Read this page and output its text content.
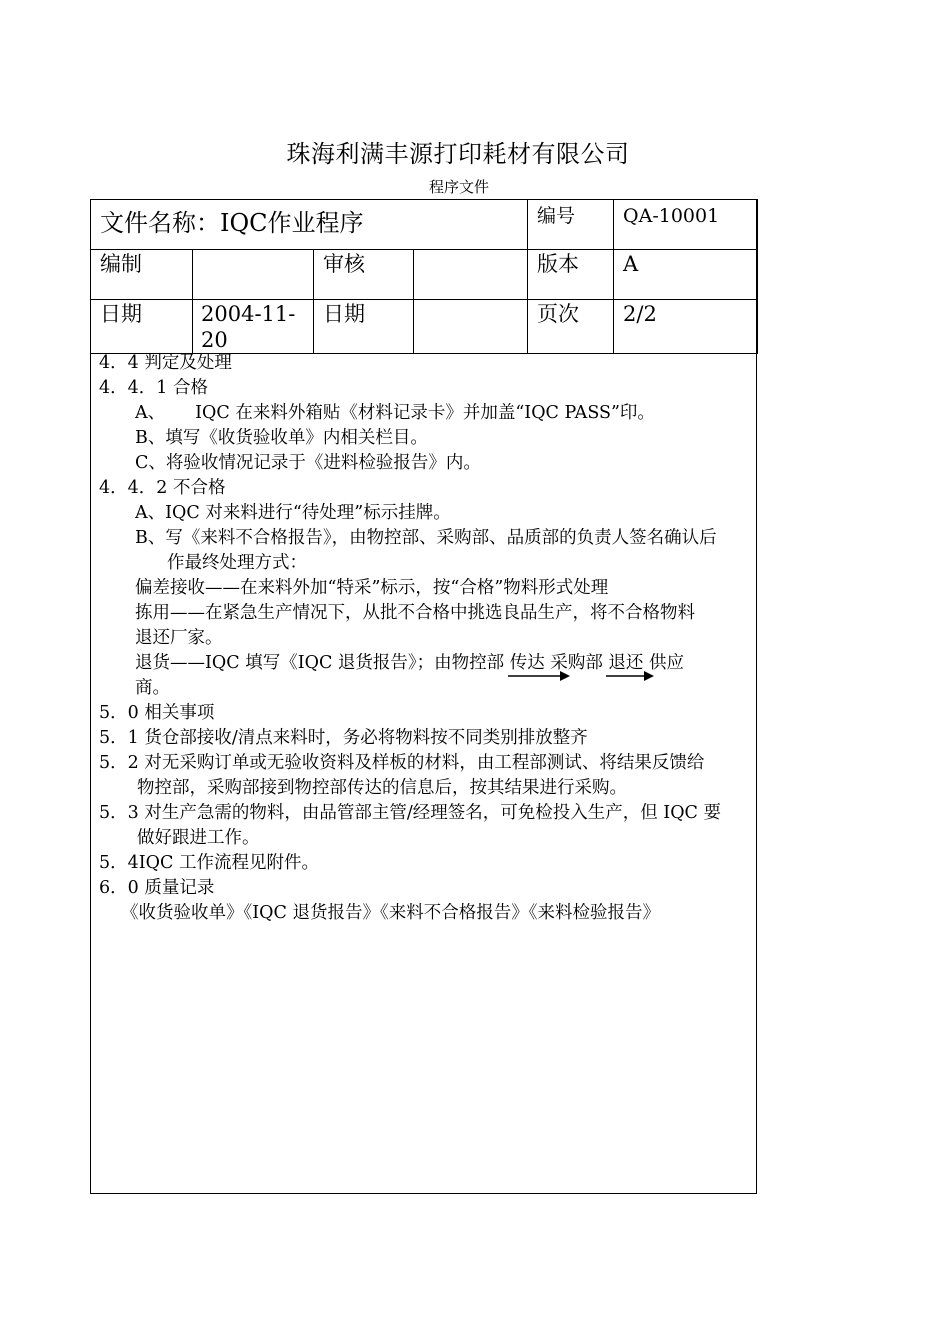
珠海利满丰源打印耗材有限公司
程序文件
文件名称：IQC作业程序				编号	QA-10001
编制		审核		版本	A
日期	2004-11-20	日期		页次	2/2
4．4 判定及处理
4．4．1 合格
A、 IQC 在来料外箱贴《材料记录卡》并加盖“IQC PASS”印。
B、填写《收货验收单》内相关栏目。
C、将验收情况记录于《进料检验报告》内。
4．4．2 不合格
A、IQC 对来料进行“待处理”标示挂牌。
B、写《来料不合格报告》，由物控部、采购部、品质部的负责人签名确认后
作最终处理方式：
偏差接收——在来料外加“特采”标示，按“合格”物料形式处理
拣用——在紧急生产情况下，从批不合格中挑选良品生产，将不合格物料
退还厂家。
退货——IQC 填写《IQC 退货报告》；由物控部 传达 采购部 退还 供应
商。
5．0 相关事项
5．1 货仓部接收/清点来料时，务必将物料按不同类别排放整齐
5．2 对无采购订单或无验收资料及样板的材料，由工程部测试、将结果反馈给
物控部，采购部接到物控部传达的信息后，按其结果进行采购。
5．3 对生产急需的物料，由品管部主管/经理签名，可免检投入生产，但 IQC 要
做好跟进工作。
5．4IQC 工作流程见附件。
6．0 质量记录
《收货验收单》《IQC 退货报告》《来料不合格报告》《来料检验报告》
